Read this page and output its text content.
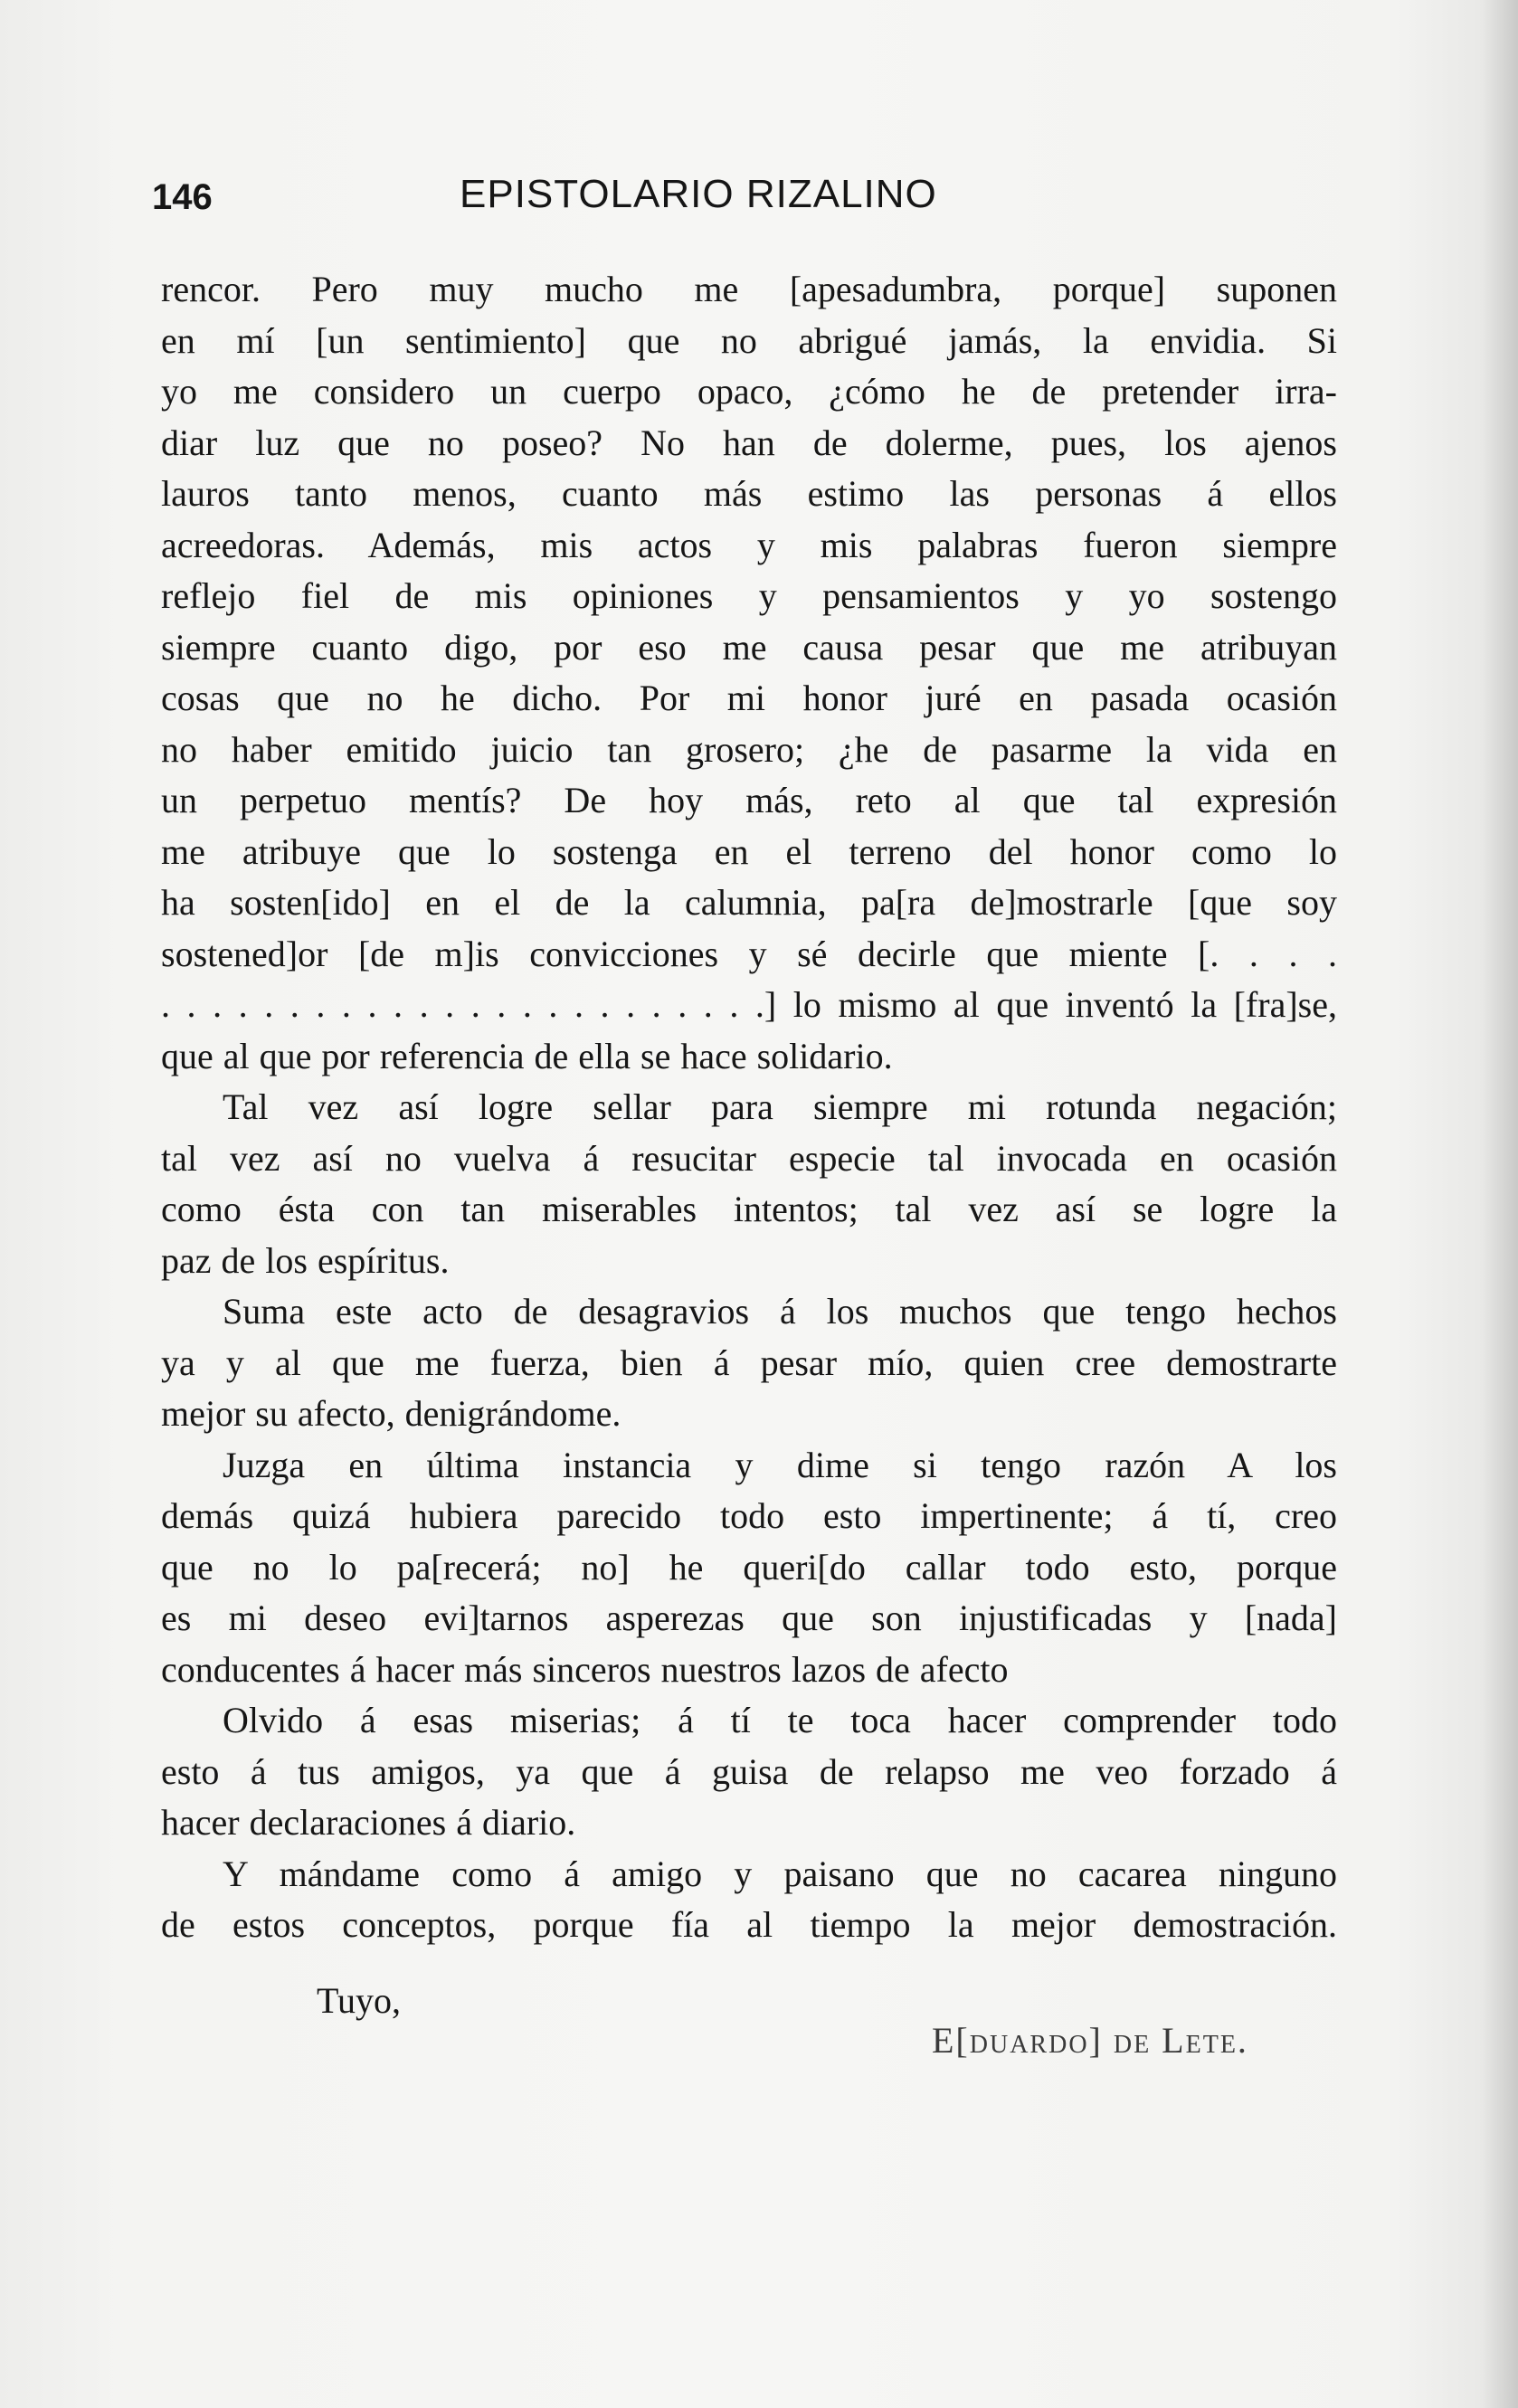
146	EPISTOLARIO RIZALINO

rencor. Pero muy mucho me [apesadumbra, porque] suponen
en mí [un sentimiento] que no abrigué jamás, la envidia. Si
yo me considero un cuerpo opaco, ¿cómo he de pretender irra-
diar luz que no poseo? No han de dolerme, pues, los ajenos
lauros tanto menos, cuanto más estimo las personas á ellos
acreedoras. Además, mis actos y mis palabras fueron siempre
reflejo fiel de mis opiniones y pensamientos y yo sostengo
siempre cuanto digo, por eso me causa pesar que me atribuyan
cosas que no he dicho. Por mi honor juré en pasada ocasión
no haber emitido juicio tan grosero; ¿he de pasarme la vida en
un perpetuo mentís? De hoy más, reto al que tal expresión
me atribuye que lo sostenga en el terreno del honor como lo
ha sosten[ido] en el de la calumnia, pa[ra de]mostrarle [que soy
sostened]or [de m]is convicciones y sé decirle que miente [. . . .
. . . . . . . . . . . . . . . . . . . . . . . .] lo mismo al que inventó la [fra]se,
que al que por referencia de ella se hace solidario.

Tal vez así logre sellar para siempre mi rotunda negación;
tal vez así no vuelva á resucitar especie tal invocada en ocasión
como ésta con tan miserables intentos; tal vez así se logre la
paz de los espíritus.

Suma este acto de desagravios á los muchos que tengo hechos
ya y al que me fuerza, bien á pesar mío, quien cree demostrarte
mejor su afecto, denigrándome.

Juzga en última instancia y dime si tengo razón A los
demás quizá hubiera parecido todo esto impertinente; á tí, creo
que no lo pa[recerá; no] he queri[do callar todo esto, porque
es mi deseo evi]tarnos asperezas que son injustificadas y [nada]
conducentes á hacer más sinceros nuestros lazos de afecto

Olvido á esas miserias; á tí te toca hacer comprender todo
esto á tus amigos, ya que á guisa de relapso me veo forzado á
hacer declaraciones á diario.

Y mándame como á amigo y paisano que no cacarea ninguno
de estos conceptos, porque fía al tiempo la mejor demostración.

Tuyo,
E[duardo] de Lete.
